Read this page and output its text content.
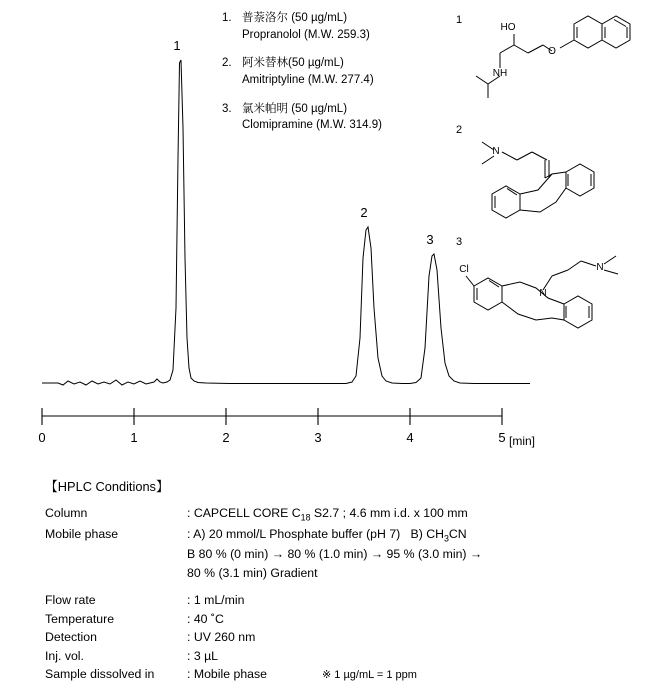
1
2
3
0	1	2	3	4	5 [min]
1. 普萘洛尔 (50 µg/mL)
Propranolol (M.W. 259.3)
2. 阿米替林(50 µg/mL)
Amitriptyline (M.W. 277.4)
3. 氯米帕明 (50 µg/mL)
Clomipramine (M.W. 314.9)
1
2
3
O
HO
NH
N
Cl
N
N
【HPLC Conditions】
Column	: CAPCELL CORE $C_{18}$ S2.7 ; 4.6 mm i.d. x 100 mm
Mobile phase	: A) 20 mmol/L Phosphate buffer (pH 7)   B) $CH_3CN$
B 80 % (0 min) → 80 % (1.0 min) → 95 % (3.0 min) →
80 % (3.1 min) Gradient
Flow rate	: 1 mL/min
Temperature	: 40 ˚C
Detection	: UV 260 nm
Inj. vol.	: 3 µL
Sample dissolved in	: Mobile phase	※ 1 µg/mL = 1 ppm
